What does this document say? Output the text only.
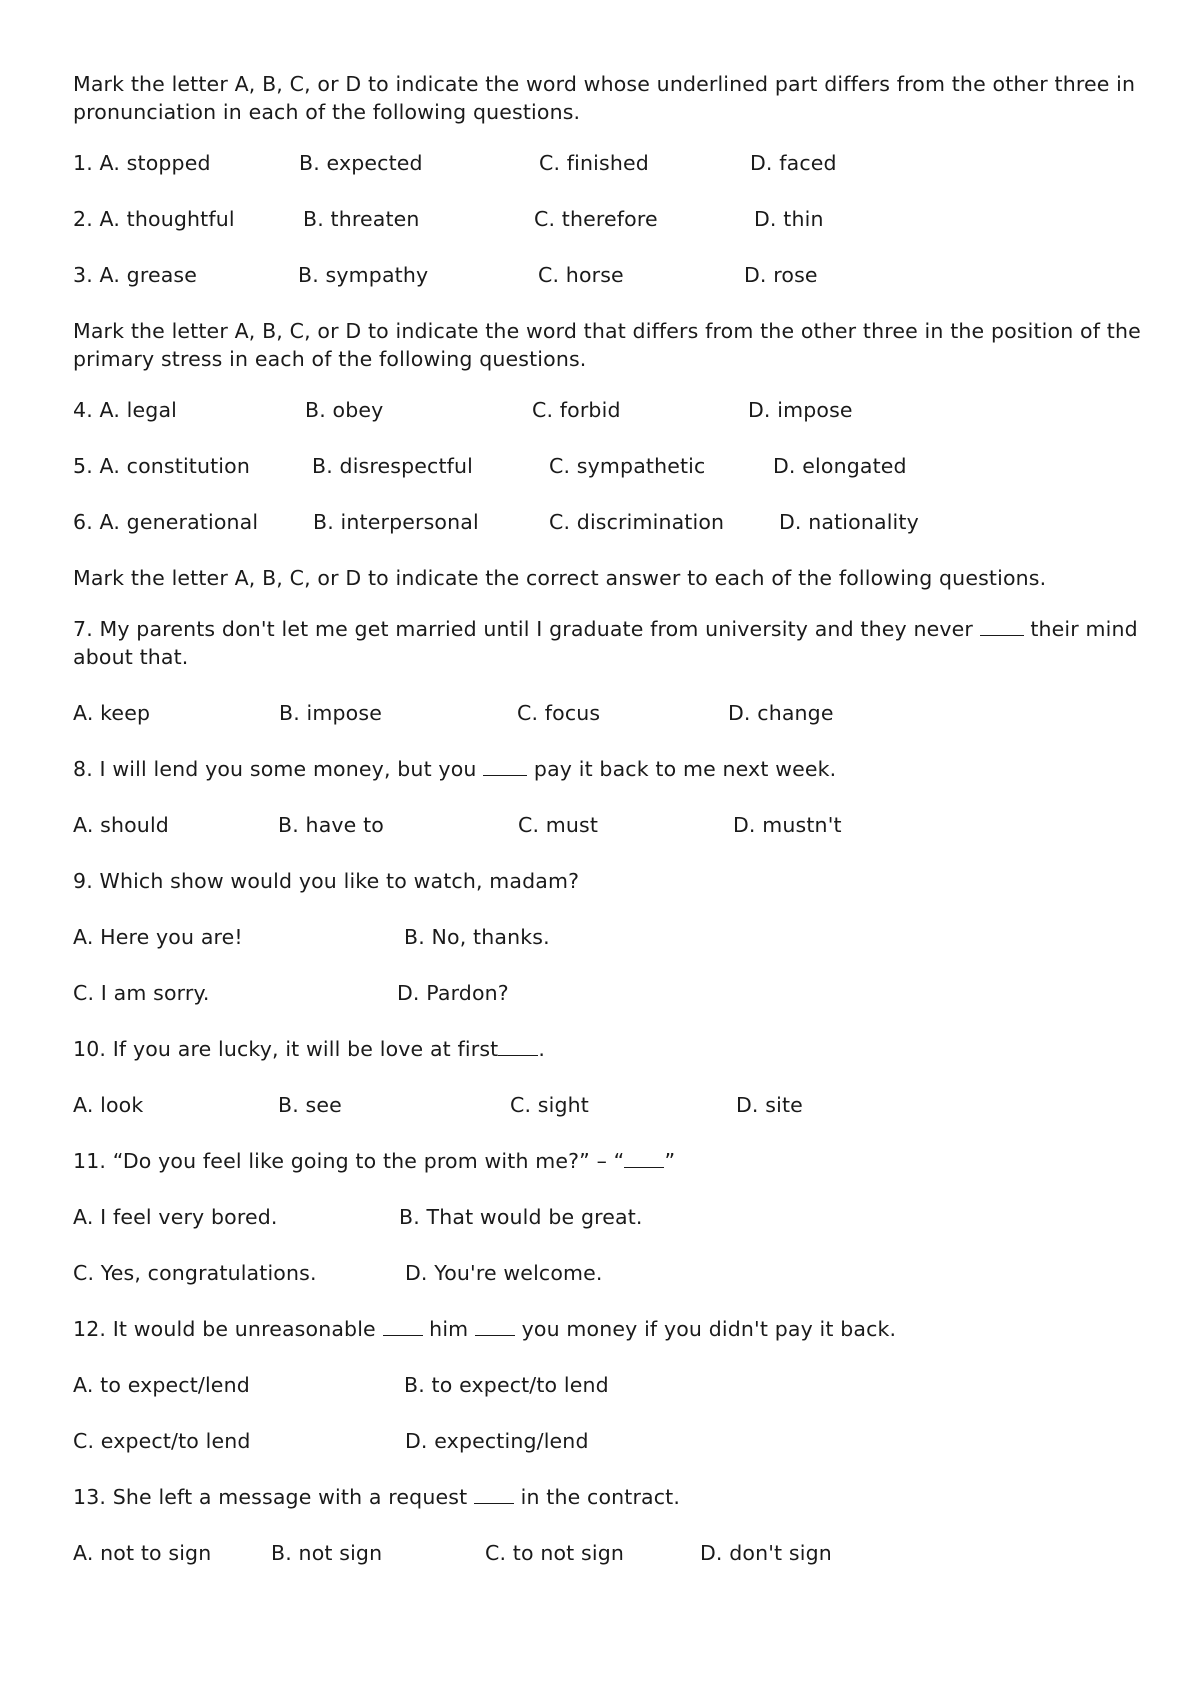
Mark the letter A, B, C, or D to indicate the word whose underlined part differs from the other three in pronunciation in each of the following questions.

1. A. stopped	B. expected	C. finished	D. faced
2. A. thoughtful	B. threaten	C. therefore	D. thin
3. A. grease	B. sympathy	C. horse	D. rose

Mark the letter A, B, C, or D to indicate the word that differs from the other three in the position of the primary stress in each of the following questions.

4. A. legal	B. obey	C. forbid	D. impose
5. A. constitution	B. disrespectful	C. sympathetic	D. elongated
6. A. generational	B. interpersonal	C. discrimination	D. nationality

Mark the letter A, B, C, or D to indicate the correct answer to each of the following questions.

7. My parents don't let me get married until I graduate from university and they never	their mind about that.

A. keep	B. impose	C. focus	D. change

8. I will lend you some money, but you	pay it back to me next week.

A. should	B. have to	C. must	D. mustn't

9. Which show would you like to watch, madam?

A. Here you are!	B. No, thanks.
C. I am sorry.	D. Pardon?

10. If you are lucky, it will be love at first .

A. look	B. see	C. sight	D. site

11. “Do you feel like going to the prom with me?” – “ ”

A. I feel very bored.	B. That would be great.
C. Yes, congratulations.	D. You're welcome.

12. It would be unreasonable	him	you money if you didn't pay it back.

A. to expect/lend	B. to expect/to lend
C. expect/to lend	D. expecting/lend

13. She left a message with a request	in the contract.

A. not to sign	B. not sign	C. to not sign	D. don't sign
